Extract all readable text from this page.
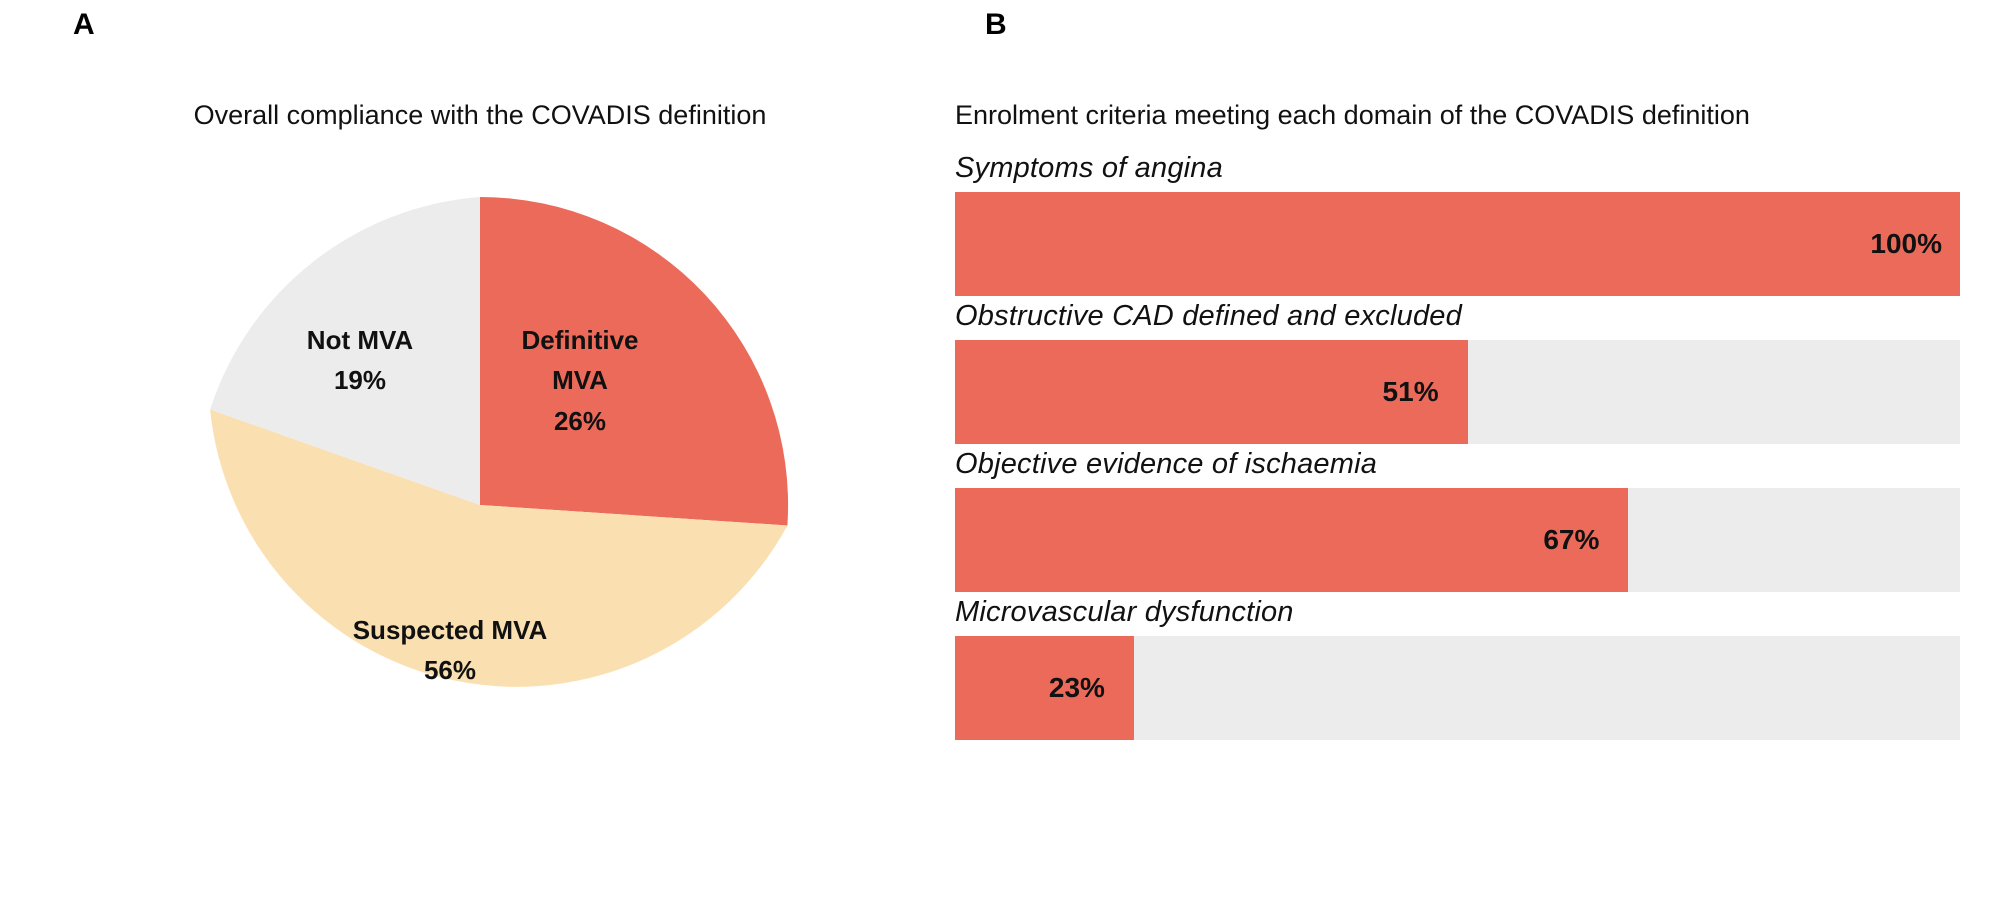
A
Overall compliance with the COVADIS definition
Not MVA
19%
Definitive
MVA
26%
Suspected MVA
56%
B
Enrolment criteria meeting each domain of the COVADIS definition
Symptoms of angina
100%
Obstructive CAD defined and excluded
51%
Objective evidence of ischaemia
67%
Microvascular dysfunction
23%
